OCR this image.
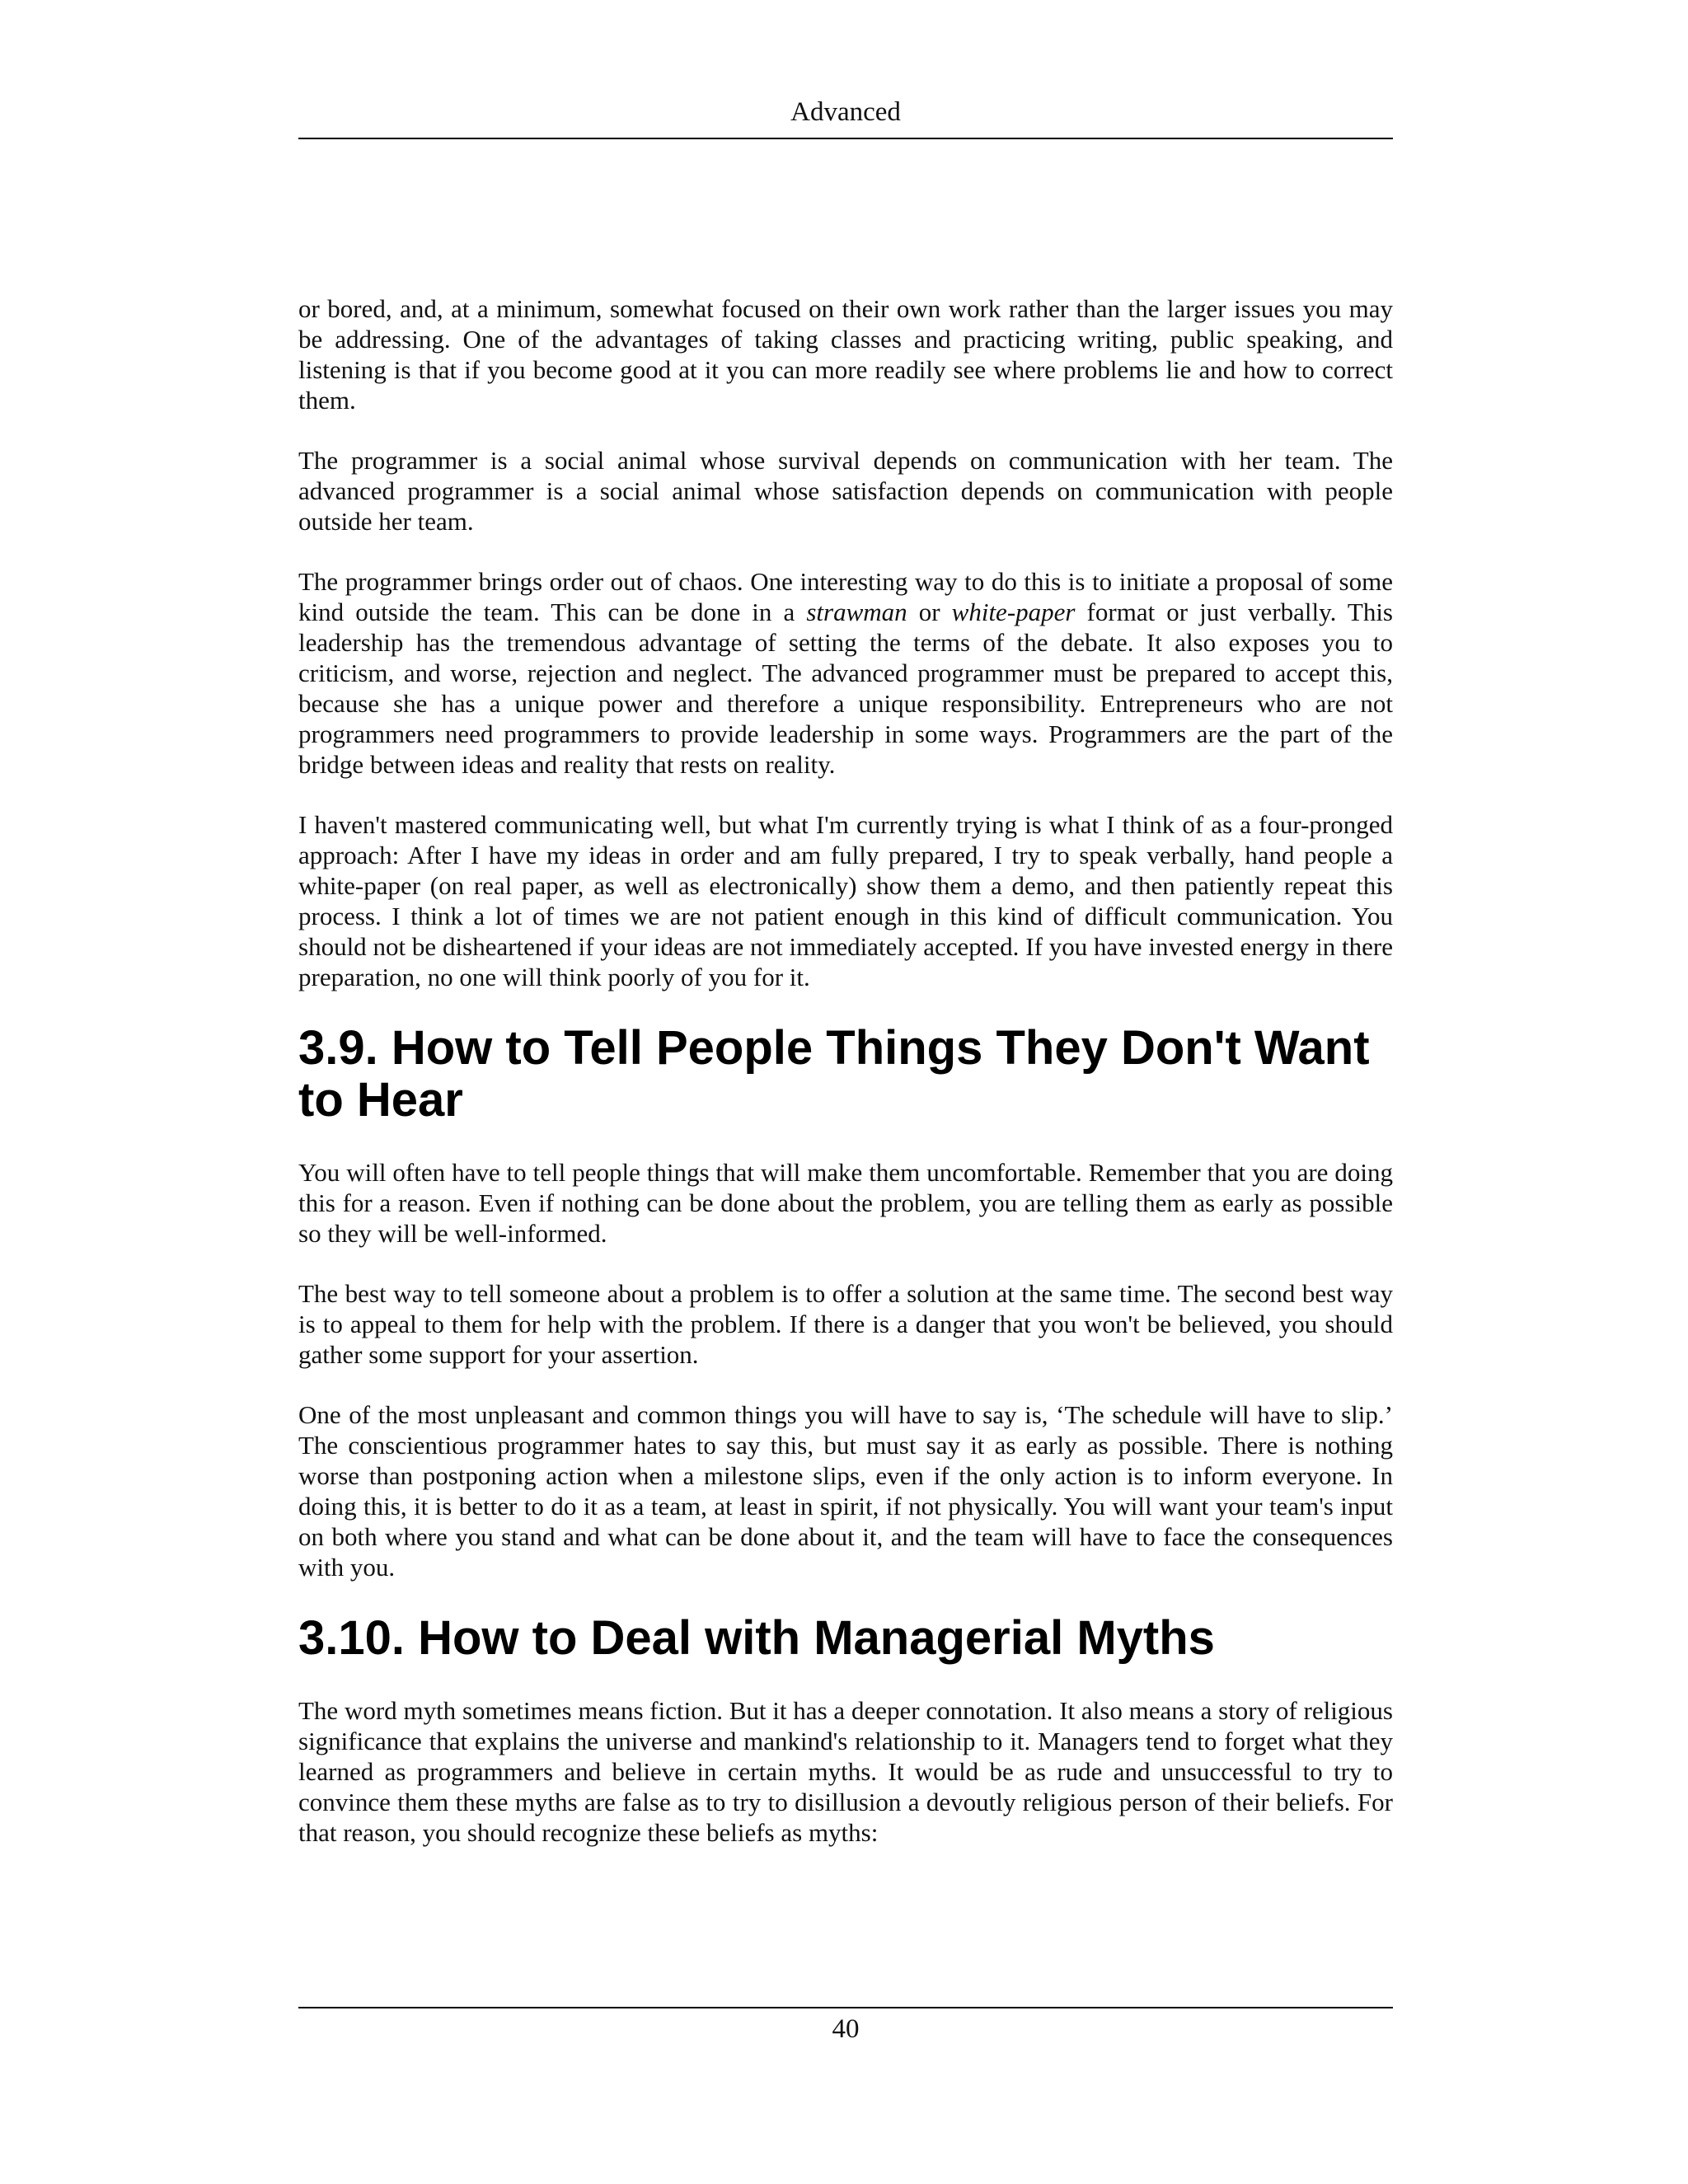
Advanced

or bored, and, at a minimum, somewhat focused on their own work rather than the larger issues you may be addressing. One of the advantages of taking classes and practicing writing, public speaking, and listening is that if you become good at it you can more readily see where problems lie and how to correct them.

The programmer is a social animal whose survival depends on communication with her team. The advanced programmer is a social animal whose satisfaction depends on communication with people outside her team.

The programmer brings order out of chaos. One interesting way to do this is to initiate a proposal of some kind outside the team. This can be done in a strawman or white-paper format or just verbally. This leadership has the tremendous advantage of setting the terms of the debate. It also exposes you to criticism, and worse, rejection and neglect. The advanced programmer must be prepared to accept this, because she has a unique power and therefore a unique responsibility. Entrepreneurs who are not programmers need programmers to provide leadership in some ways. Programmers are the part of the bridge between ideas and reality that rests on reality.

I haven't mastered communicating well, but what I'm currently trying is what I think of as a four-pronged approach: After I have my ideas in order and am fully prepared, I try to speak verbally, hand people a white-paper (on real paper, as well as electronically) show them a demo, and then patiently repeat this process. I think a lot of times we are not patient enough in this kind of difficult communication. You should not be disheartened if your ideas are not immediately accepted. If you have invested energy in there preparation, no one will think poorly of you for it.

3.9. How to Tell People Things They Don't Want to Hear

You will often have to tell people things that will make them uncomfortable. Remember that you are doing this for a reason. Even if nothing can be done about the problem, you are telling them as early as possible so they will be well-informed.

The best way to tell someone about a problem is to offer a solution at the same time. The second best way is to appeal to them for help with the problem. If there is a danger that you won't be believed, you should gather some support for your assertion.

One of the most unpleasant and common things you will have to say is, ‘The schedule will have to slip.’ The conscientious programmer hates to say this, but must say it as early as possible. There is nothing worse than postponing action when a milestone slips, even if the only action is to inform everyone. In doing this, it is better to do it as a team, at least in spirit, if not physically. You will want your team's input on both where you stand and what can be done about it, and the team will have to face the consequences with you.

3.10. How to Deal with Managerial Myths

The word myth sometimes means fiction. But it has a deeper connotation. It also means a story of religious significance that explains the universe and mankind's relationship to it. Managers tend to forget what they learned as programmers and believe in certain myths. It would be as rude and unsuccessful to try to convince them these myths are false as to try to disillusion a devoutly religious person of their beliefs. For that reason, you should recognize these beliefs as myths:

40
